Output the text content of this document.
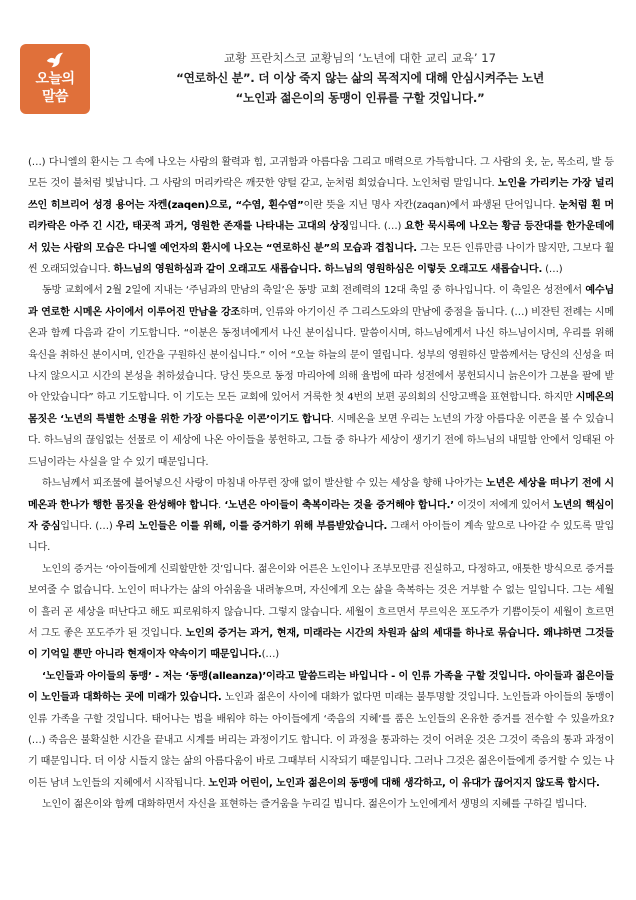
오늘의
말씀
교황 프란치스코 교황님의 ‘노년에 대한 교리 교육’ 17
“연로하신 분”. 더 이상 죽지 않는 삶의 목적지에 대해 안심시켜주는 노년
“노인과 젊은이의 동맹이 인류를 구할 것입니다.”

(…) 다니엘의 환시는 그 속에 나오는 사람의 활력과 힘, 고귀함과 아름다움 그리고 매력으로 가득합니다. 그 사람의 옷, 눈, 목소리, 발 등 모든 것이 불처럼 빛납니다. 그 사람의 머리카락은 깨끗한 양털 같고, 눈처럼 희었습니다. 노인처럼 말입니다. 노인을 가리키는 가장 널리 쓰인 히브리어 성경 용어는 자켄(zaqen)으로, “수염, 흰수염”이란 뜻을 지닌 명사 자칸(zaqan)에서 파생된 단어입니다. 눈처럼 흰 머리카락은 아주 긴 시간, 태곳적 과거, 영원한 존재를 나타내는 고대의 상징입니다. (…) 요한 묵시록에 나오는 황금 등잔대를 한가운데에 서 있는 사람의 모습은 다니엘 예언자의 환시에 나오는 “연로하신 분”의 모습과 겹칩니다. 그는 모든 인류만큼 나이가 많지만, 그보다 훨씬 오래되었습니다. 하느님의 영원하심과 같이 오래고도 새롭습니다. 하느님의 영원하심은 이렇듯 오래고도 새롭습니다. (…)

동방 교회에서 2월 2일에 지내는 ‘주님과의 만남의 축일’은 동방 교회 전례력의 12대 축일 중 하나입니다. 이 축일은 성전에서 예수님과 연로한 시메온 사이에서 이루어진 만남을 강조하며, 인류와 아기이신 주 그리스도와의 만남에 중점을 둡니다. (…) 비잔틴 전례는 시메온과 함께 다음과 같이 기도합니다. “이분은 동정녀에게서 나신 분이십니다. 말씀이시며, 하느님에게서 나신 하느님이시며, 우리를 위해 육신을 취하신 분이시며, 인간을 구원하신 분이십니다.” 이어 “오늘 하늘의 문이 열립니다. 성부의 영원하신 말씀께서는 당신의 신성을 떠나지 않으시고 시간의 본성을 취하셨습니다. 당신 뜻으로 동정 마리아에 의해 율법에 따라 성전에서 봉헌되시니 늙은이가 그분을 팔에 받아 안았습니다” 하고 기도합니다. 이 기도는 모든 교회에 있어서 거룩한 첫 4번의 보편 공의회의 신앙고백을 표현합니다. 하지만 시메온의 몸짓은 ‘노년의 특별한 소명을 위한 가장 아름다운 이콘’이기도 합니다. 시메온을 보면 우리는 노년의 가장 아름다운 이콘을 볼 수 있습니다. 하느님의 끊임없는 선물로 이 세상에 나온 아이들을 봉헌하고, 그들 중 하나가 세상이 생기기 전에 하느님의 내밀함 안에서 잉태된 아드님이라는 사실을 알 수 있기 때문입니다.

하느님께서 피조물에 불어넣으신 사랑이 마침내 아무런 장애 없이 발산할 수 있는 세상을 향해 나아가는 노년은 세상을 떠나기 전에 시메온과 한나가 행한 몸짓을 완성해야 합니다. ‘노년은 아이들이 축복이라는 것을 증거해야 합니다.’ 이것이 저에게 있어서 노년의 핵심이자 중심입니다. (…) 우리 노인들은 이를 위해, 이를 증거하기 위해 부름받았습니다. 그래서 아이들이 계속 앞으로 나아갈 수 있도록 말입니다.

노인의 증거는 ‘아이들에게 신뢰할만한 것’입니다. 젊은이와 어른은 노인이나 조부모만큼 진실하고, 다정하고, 애틋한 방식으로 증거를 보여줄 수 없습니다. 노인이 떠나가는 삶의 아쉬움을 내려놓으며, 자신에게 오는 삶을 축복하는 것은 거부할 수 없는 일입니다. 그는 세월이 흘러 곧 세상을 떠난다고 해도 피로워하지 않습니다. 그렇지 않습니다. 세월이 흐르면서 무르익은 포도주가 기쁨이듯이 세월이 흐르면서 그도 좋은 포도주가 된 것입니다. 노인의 증거는 과거, 현재, 미래라는 시간의 차원과 삶의 세대를 하나로 묶습니다. 왜냐하면 그것들이 기억일 뿐만 아니라 현재이자 약속이기 때문입니다.(…)

‘노인들과 아이들의 동맹’ - 저는 ‘동맹(alleanza)’이라고 말씀드리는 바입니다 - 이 인류 가족을 구할 것입니다. 아이들과 젊은이들이 노인들과 대화하는 곳에 미래가 있습니다. 노인과 젊은이 사이에 대화가 없다면 미래는 불투명할 것입니다. 노인들과 아이들의 동맹이 인류 가족을 구할 것입니다. 태어나는 법을 배워야 하는 아이들에게 ‘죽음의 지혜’를 품은 노인들의 온유한 증거를 전수할 수 있을까요? (…) 죽음은 불확실한 시간을 끝내고 시계를 버리는 과정이기도 합니다. 이 과정을 통과하는 것이 어려운 것은 그것이 죽음의 통과 과정이기 때문입니다. 더 이상 시들지 않는 삶의 아름다움이 바로 그때부터 시작되기 때문입니다. 그러나 그것은 젊은이들에게 증거할 수 있는 나이든 남녀 노인들의 지혜에서 시작됩니다. 노인과 어린이, 노인과 젊은이의 동맹에 대해 생각하고, 이 유대가 끊어지지 않도록 합시다.

노인이 젊은이와 함께 대화하면서 자신을 표현하는 즐거움을 누리길 빕니다. 젊은이가 노인에게서 생명의 지혜를 구하길 빕니다.
